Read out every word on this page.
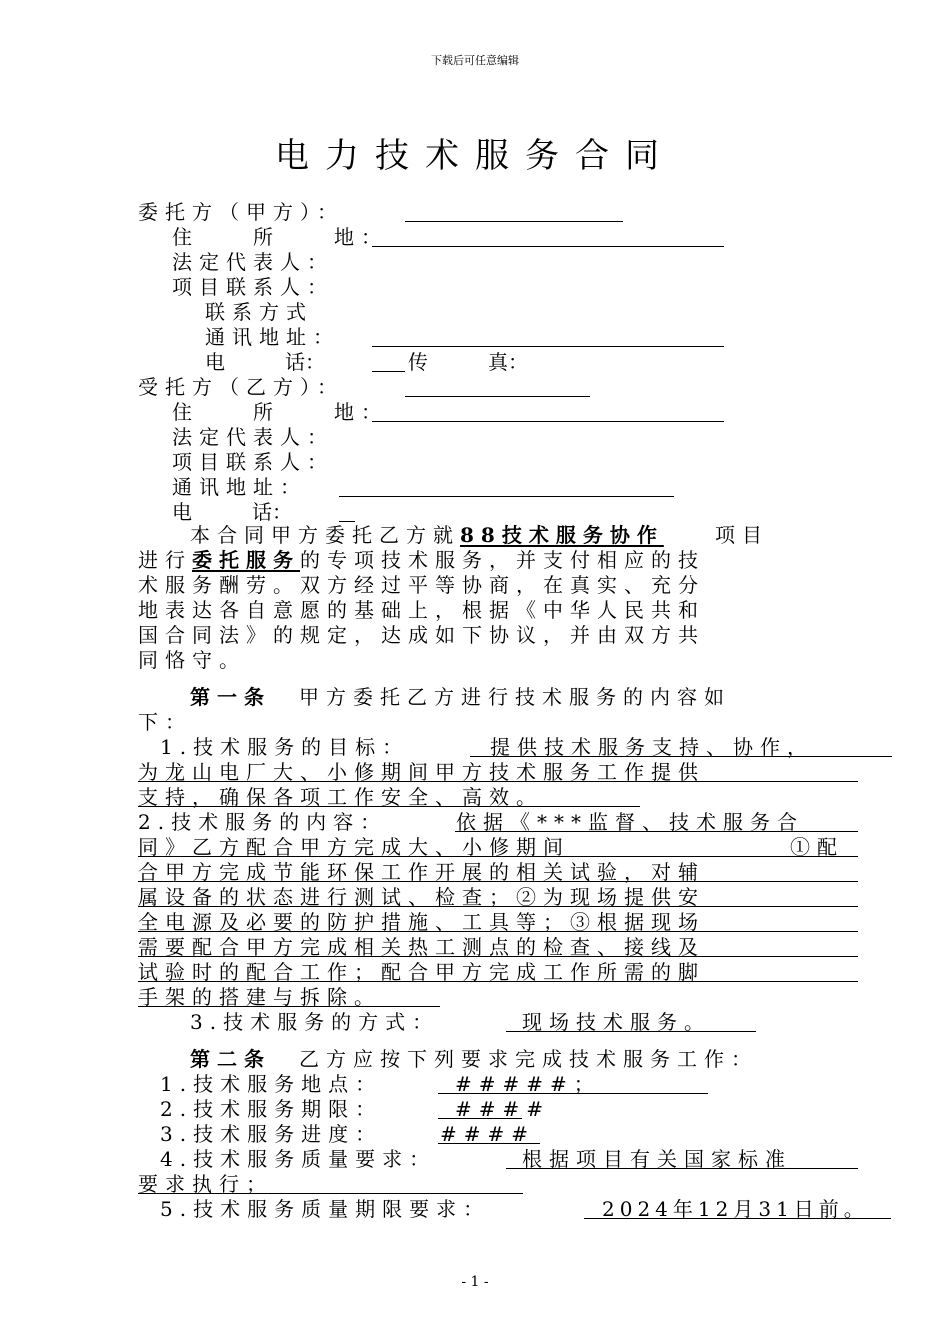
下载后可任意编辑
电力技术服务合同
委托方（甲方）：
住　　所　　地：
法定代表人：
项目联系人：
联系方式
通讯地址：
电　　　话：	传　　　真：
受托方（乙方）：
住　　所　　地：
法定代表人：
项目联系人：
通讯地址：
电　　　话：
本合同甲方委托乙方就88技术服务协作	项目
进行委托服务的专项技术服务，并支付相应的技
术服务酬劳。双方经过平等协商，在真实、充分
地表达各自意愿的基础上，根据《中华人民共和
国合同法》的规定，达成如下协议，并由双方共
同恪守。
第一条 甲方委托乙方进行技术服务的内容如
下：
1.技术服务的目标：	提供技术服务支持、协作，
为龙山电厂大、小修期间甲方技术服务工作提供
支持，确保各项工作安全、高效。
2.技术服务的内容：	依据《***监督、技术服务合
同》乙方配合甲方完成大、小修期间	①配
合甲方完成节能环保工作开展的相关试验，对辅
属设备的状态进行测试、检查；②为现场提供安
全电源及必要的防护措施、工具等；③根据现场
需要配合甲方完成相关热工测点的检查、接线及
试验时的配合工作；配合甲方完成工作所需的脚
手架的搭建与拆除。
3.技术服务的方式：	现场技术服务。
第二条 乙方应按下列要求完成技术服务工作：
1.技术服务地点：	#####；
2.技术服务期限：	####
3.技术服务进度：	####
4.技术服务质量要求：	根据项目有关国家标准
要求执行；
5.技术服务质量期限要求：	2024年12月31日前。
- 1 -
